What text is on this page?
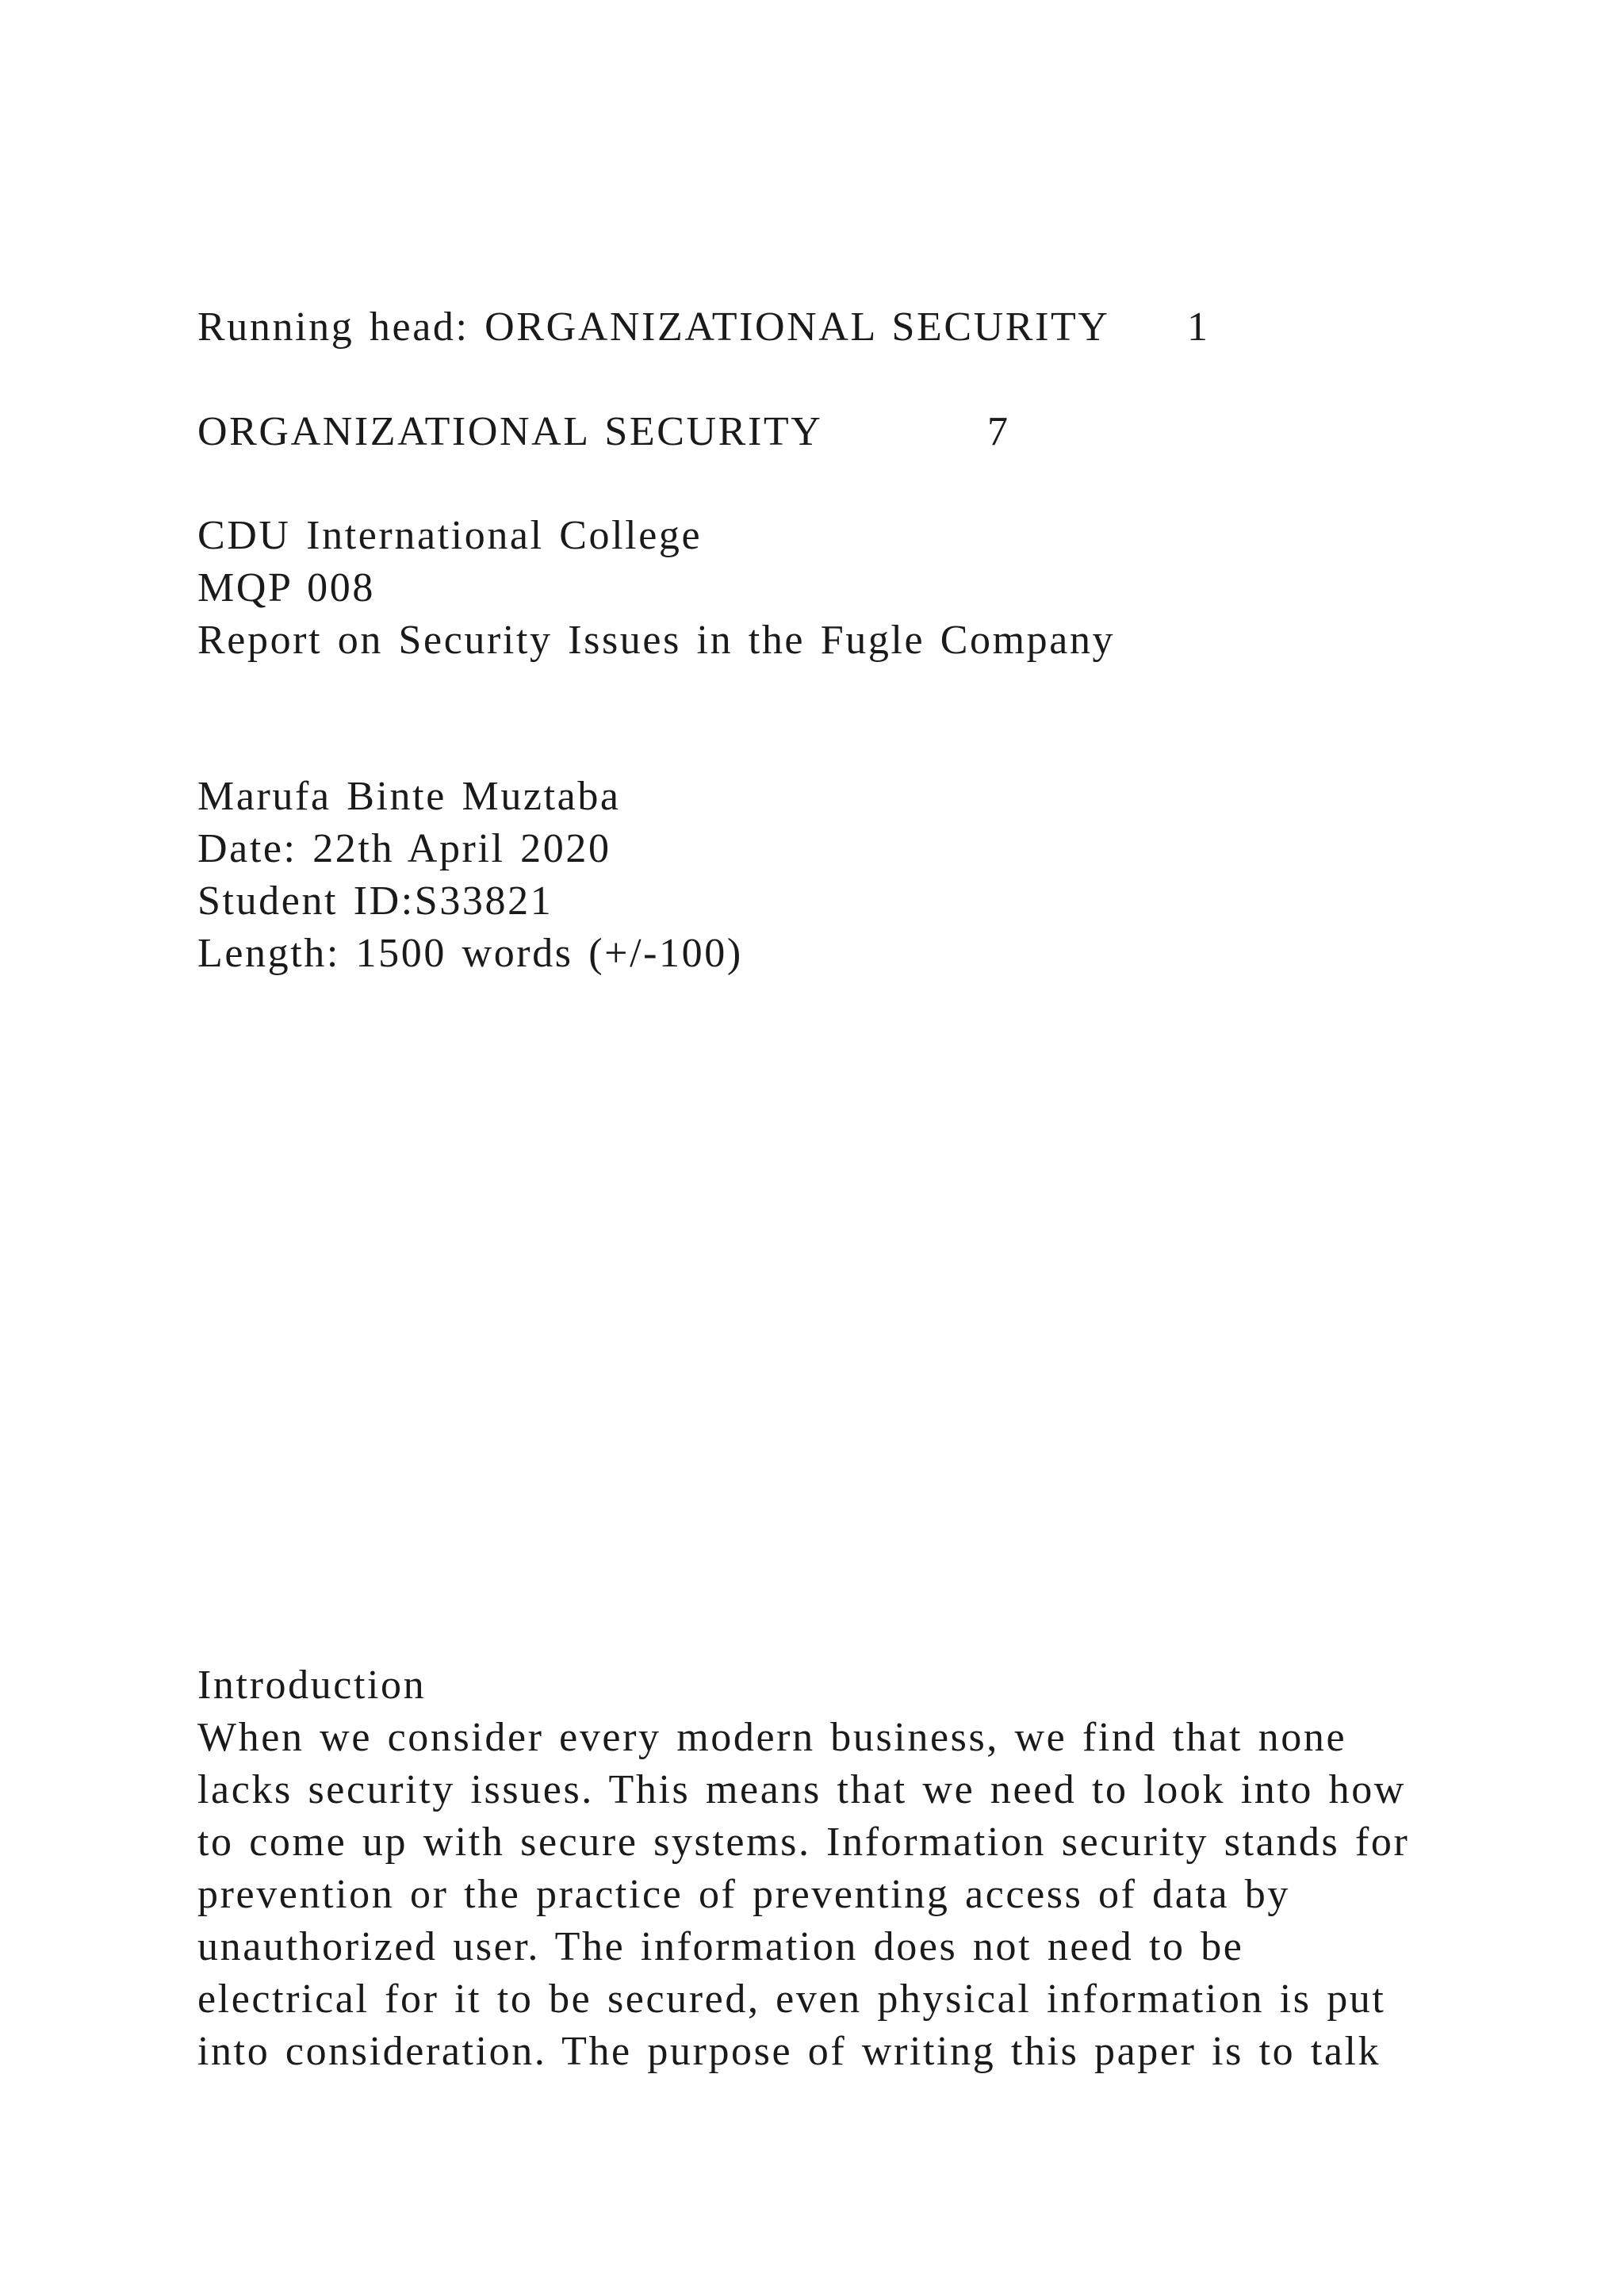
Running head: ORGANIZATIONAL SECURITY 1
ORGANIZATIONAL SECURITY	7
CDU International College
MQP 008
Report on Security Issues in the Fugle Company
Marufa Binte Muztaba
Date: 22th April 2020
Student ID:S33821
Length: 1500 words (+/-100)
Introduction
When we consider every modern business, we find that none
lacks security issues. This means that we need to look into how
to come up with secure systems. Information security stands for
prevention or the practice of preventing access of data by
unauthorized user. The information does not need to be
electrical for it to be secured, even physical information is put
into consideration. The purpose of writing this paper is to talk
